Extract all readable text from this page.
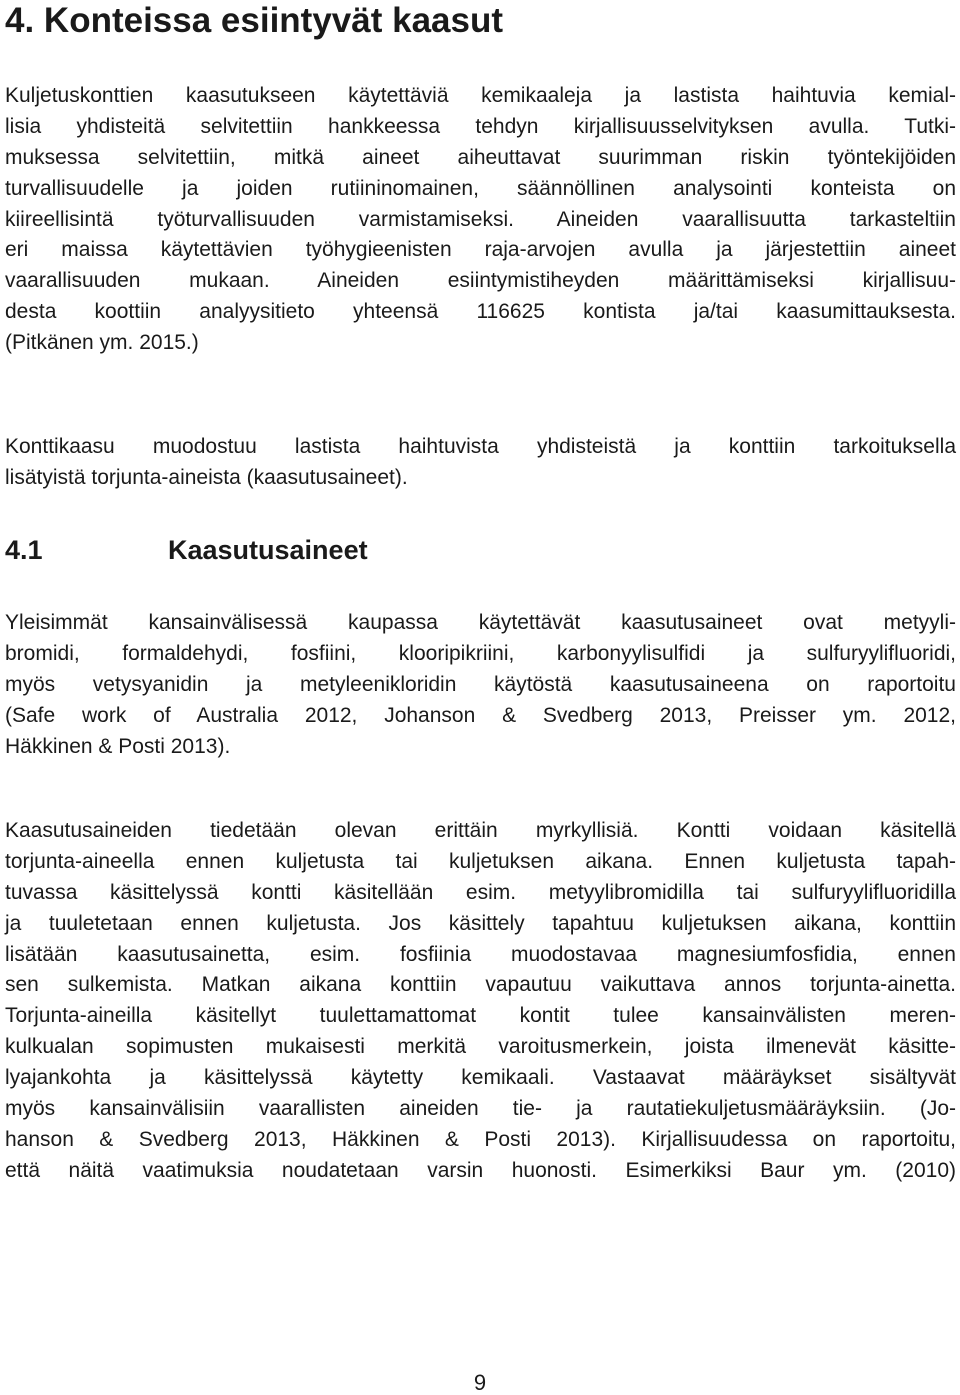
4. Konteissa esiintyvät kaasut

Kuljetuskonttien kaasutukseen käytettäviä kemikaaleja ja lastista haihtuvia kemial-
lisia yhdisteitä selvitettiin hankkeessa tehdyn kirjallisuusselvityksen avulla. Tutki-
muksessa selvitettiin, mitkä aineet aiheuttavat suurimman riskin työntekijöiden
turvallisuudelle ja joiden rutiininomainen, säännöllinen analysointi konteista on
kiireellisintä työturvallisuuden varmistamiseksi. Aineiden vaarallisuutta tarkasteltiin
eri maissa käytettävien työhygieenisten raja-arvojen avulla ja järjestettiin aineet
vaarallisuuden mukaan. Aineiden esiintymistiheyden määrittämiseksi kirjallisuu-
desta koottiin analyysitieto yhteensä 116625 kontista ja/tai kaasumittauksesta.
(Pitkänen ym. 2015.)

Konttikaasu muodostuu lastista haihtuvista yhdisteistä ja konttiin tarkoituksella
lisätyistä torjunta-aineista (kaasutusaineet).

4.1	Kaasutusaineet

Yleisimmät kansainvälisessä kaupassa käytettävät kaasutusaineet ovat metyyli-
bromidi, formaldehydi, fosfiini, klooripikriini, karbonyylisulfidi ja sulfuryylifluoridi,
myös vetysyanidin ja metyleenikloridin käytöstä kaasutusaineena on raportoitu
(Safe work of Australia 2012, Johanson & Svedberg 2013, Preisser ym. 2012,
Häkkinen & Posti 2013).

Kaasutusaineiden tiedetään olevan erittäin myrkyllisiä. Kontti voidaan käsitellä
torjunta-aineella ennen kuljetusta tai kuljetuksen aikana. Ennen kuljetusta tapah-
tuvassa käsittelyssä kontti käsitellään esim. metyylibromidilla tai sulfuryylifluoridilla
ja tuuletetaan ennen kuljetusta. Jos käsittely tapahtuu kuljetuksen aikana, konttiin
lisätään kaasutusainetta, esim. fosfiinia muodostavaa magnesiumfosfidia, ennen
sen sulkemista. Matkan aikana konttiin vapautuu vaikuttava annos torjunta-ainetta.
Torjunta-aineilla käsitellyt tuulettamattomat kontit tulee kansainvälisten meren-
kulkualan sopimusten mukaisesti merkitä varoitusmerkein, joista ilmenevät käsitte-
lyajankohta ja käsittelyssä käytetty kemikaali. Vastaavat määräykset sisältyvät
myös kansainvälisiin vaarallisten aineiden tie- ja rautatiekuljetusmääräyksiin. (Jo-
hanson & Svedberg 2013, Häkkinen & Posti 2013). Kirjallisuudessa on raportoitu,
että näitä vaatimuksia noudatetaan varsin huonosti. Esimerkiksi Baur ym. (2010)

9
